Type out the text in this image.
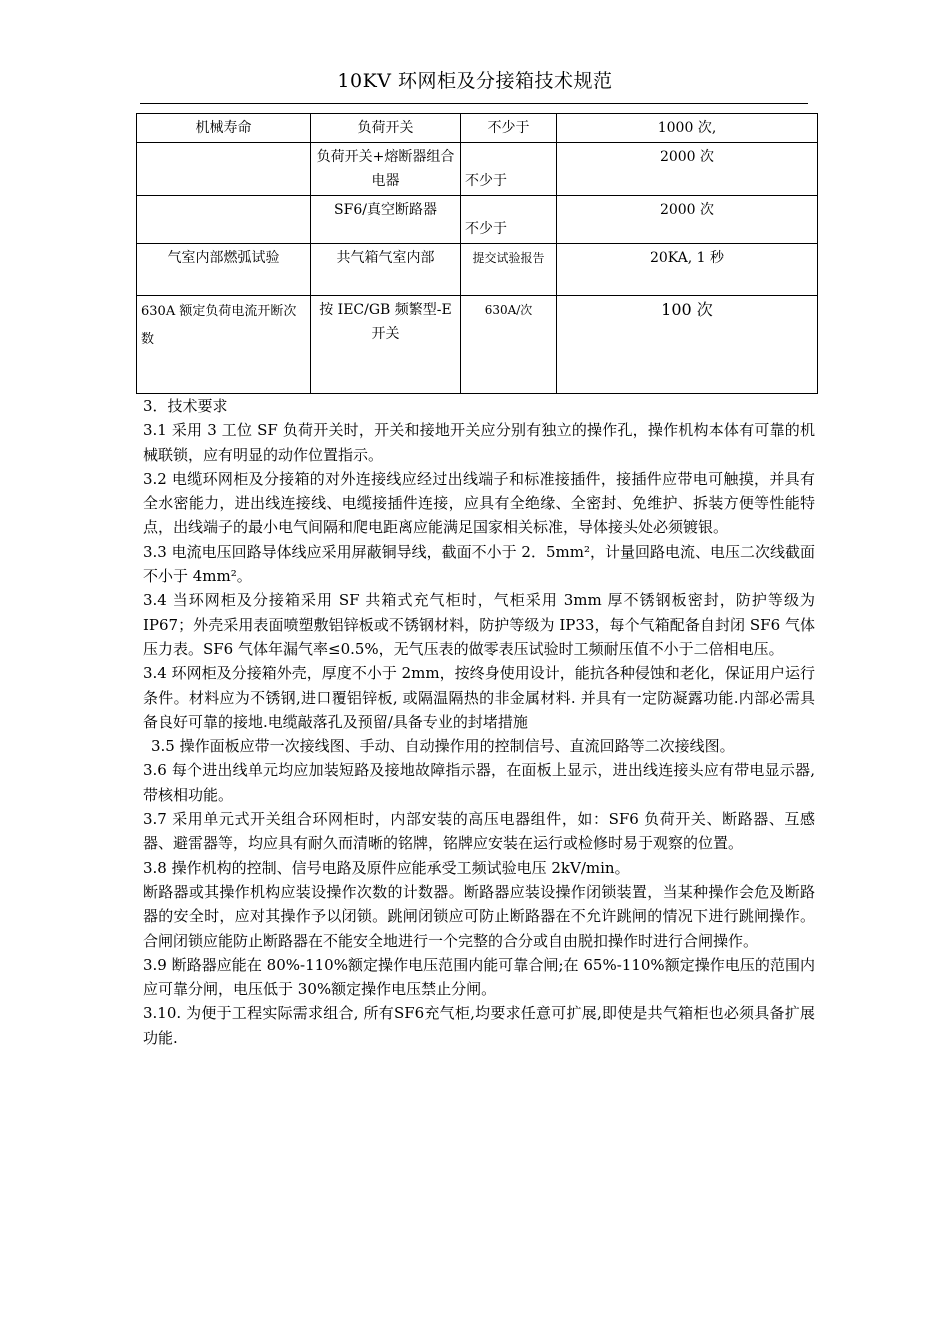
10KV 环网柜及分接箱技术规范
机械寿命	负荷开关	不少于	1000 次,
	负荷开关+熔断器组合电器	不少于	2000 次
	SF6/真空断路器	不少于	2000 次
气室内部燃弧试验	共气箱气室内部	提交试验报告	20KA, 1 秒
630A 额定负荷电流开断次数	按 IEC/GB 频繁型-E 开关	630A/次	100 次

3．技术要求

3.1 采用 3 工位 SF 负荷开关时，开关和接地开关应分别有独立的操作孔，操作机构本体有可靠的机械联锁，应有明显的动作位置指示。

3.2 电缆环网柜及分接箱的对外连接线应经过出线端子和标准接插件，接插件应带电可触摸，并具有全水密能力，进出线连接线、电缆接插件连接，应具有全绝缘、全密封、免维护、拆装方便等性能特点，出线端子的最小电气间隔和爬电距离应能满足国家相关标准，导体接头处必须镀银。

3.3 电流电压回路导体线应采用屏蔽铜导线，截面不小于 2．5mm²，计量回路电流、电压二次线截面不小于 4mm²。

3.4 当环网柜及分接箱采用 SF 共箱式充气柜时，气柜采用 3mm 厚不锈钢板密封，防护等级为 IP67；外壳采用表面喷塑敷铝锌板或不锈钢材料，防护等级为 IP33，每个气箱配备自封闭 SF6 气体压力表。SF6 气体年漏气率≤0.5%，无气压表的做零表压试验时工频耐压值不小于二倍相电压。

3.4 环网柜及分接箱外壳，厚度不小于 2mm，按终身使用设计，能抗各种侵蚀和老化，保证用户运行条件。材料应为不锈钢,进口覆铝锌板, 或隔温隔热的非金属材料. 并具有一定防凝露功能.内部必需具备良好可靠的接地.电缆敲落孔及预留/具备专业的封堵措施

3.5 操作面板应带一次接线图、手动、自动操作用的控制信号、直流回路等二次接线图。

3.6 每个进出线单元均应加装短路及接地故障指示器，在面板上显示，进出线连接头应有带电显示器,带核相功能。

3.7 采用单元式开关组合环网柜时，内部安装的高压电器组件，如：SF6 负荷开关、断路器、互感器、避雷器等，均应具有耐久而清晰的铭牌，铭牌应安装在运行或检修时易于观察的位置。

3.8 操作机构的控制、信号电路及原件应能承受工频试验电压 2kV/min。

断路器或其操作机构应装设操作次数的计数器。断路器应装设操作闭锁装置，当某种操作会危及断路器的安全时，应对其操作予以闭锁。跳闸闭锁应可防止断路器在不允许跳闸的情况下进行跳闸操作。合闸闭锁应能防止断路器在不能安全地进行一个完整的合分或自由脱扣操作时进行合闸操作。

3.9 断路器应能在 80%-110%额定操作电压范围内能可靠合闸;在 65%-110%额定操作电压的范围内应可靠分闸，电压低于 30%额定操作电压禁止分闸。

3.10. 为便于工程实际需求组合, 所有SF6充气柜,均要求任意可扩展,即使是共气箱柜也必须具备扩展功能.
